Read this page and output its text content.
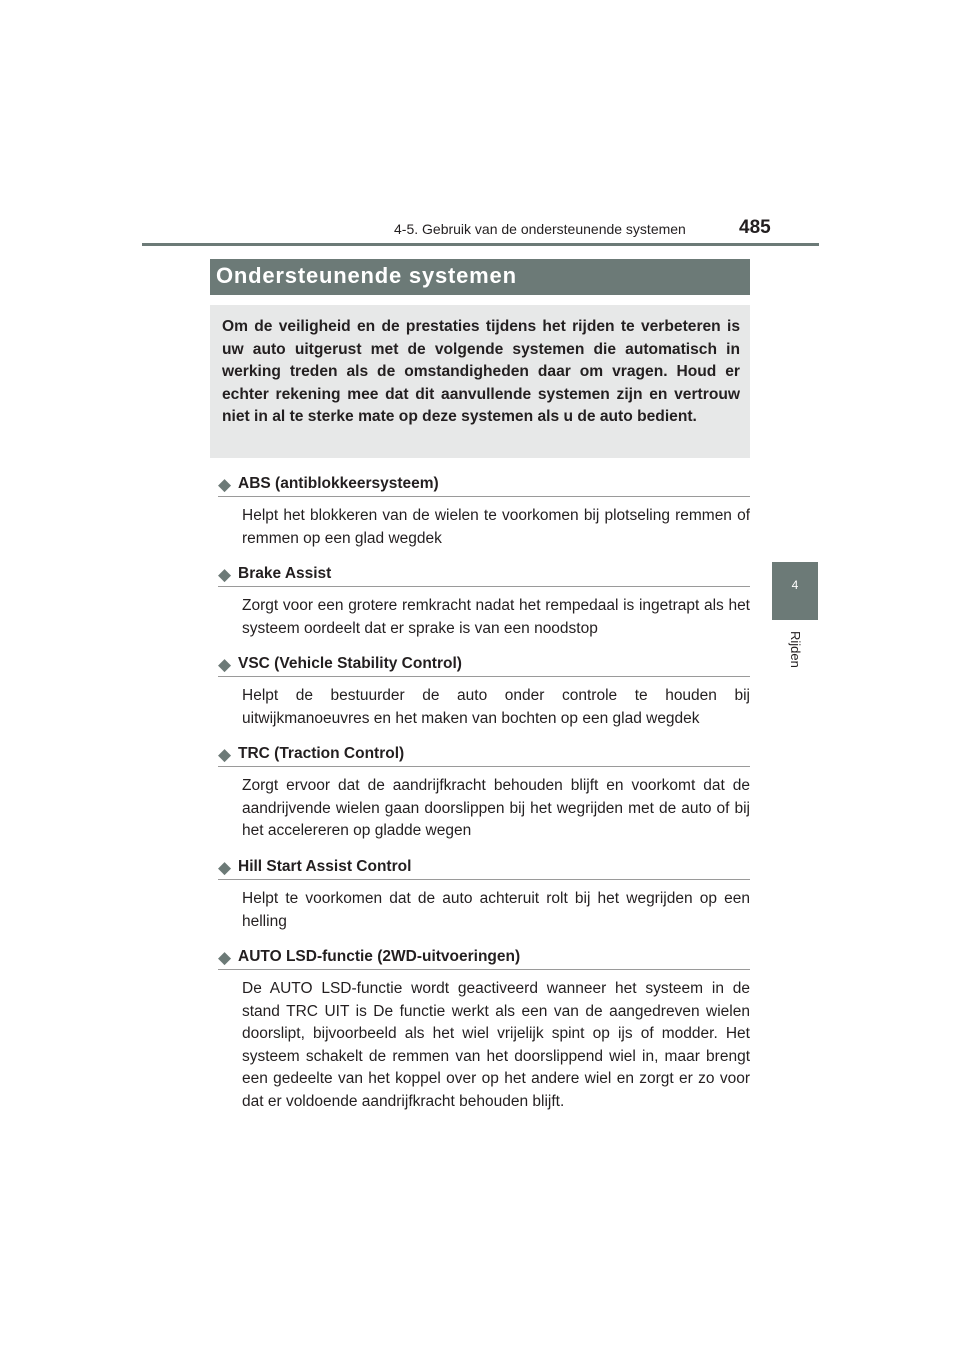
4-5. Gebruik van de ondersteunende systemen	485
4
Rijden
Ondersteunende systemen
Om de veiligheid en de prestaties tijdens het rijden te verbeteren is uw auto uitgerust met de volgende systemen die automatisch in werking treden als de omstandigheden daar om vragen. Houd er echter rekening mee dat dit aanvullende systemen zijn en vertrouw niet in al te sterke mate op deze systemen als u de auto bedient.
◆ ABS (antiblokkeersysteem)
Helpt het blokkeren van de wielen te voorkomen bij plotseling remmen of remmen op een glad wegdek
◆ Brake Assist
Zorgt voor een grotere remkracht nadat het rempedaal is ingetrapt als het systeem oordeelt dat er sprake is van een noodstop
◆ VSC (Vehicle Stability Control)
Helpt de bestuurder de auto onder controle te houden bij uitwijkmanoeuvres en het maken van bochten op een glad wegdek
◆ TRC (Traction Control)
Zorgt ervoor dat de aandrijfkracht behouden blijft en voorkomt dat de aandrijvende wielen gaan doorslippen bij het wegrijden met de auto of bij het accelereren op gladde wegen
◆ Hill Start Assist Control
Helpt te voorkomen dat de auto achteruit rolt bij het wegrijden op een helling
◆ AUTO LSD-functie (2WD-uitvoeringen)
De AUTO LSD-functie wordt geactiveerd wanneer het systeem in de stand TRC UIT is De functie werkt als een van de aangedreven wielen doorslipt, bijvoorbeeld als het wiel vrijelijk spint op ijs of modder. Het systeem schakelt de remmen van het doorslippend wiel in, maar brengt een gedeelte van het koppel over op het andere wiel en zorgt er zo voor dat er voldoende aandrijfkracht behouden blijft.
